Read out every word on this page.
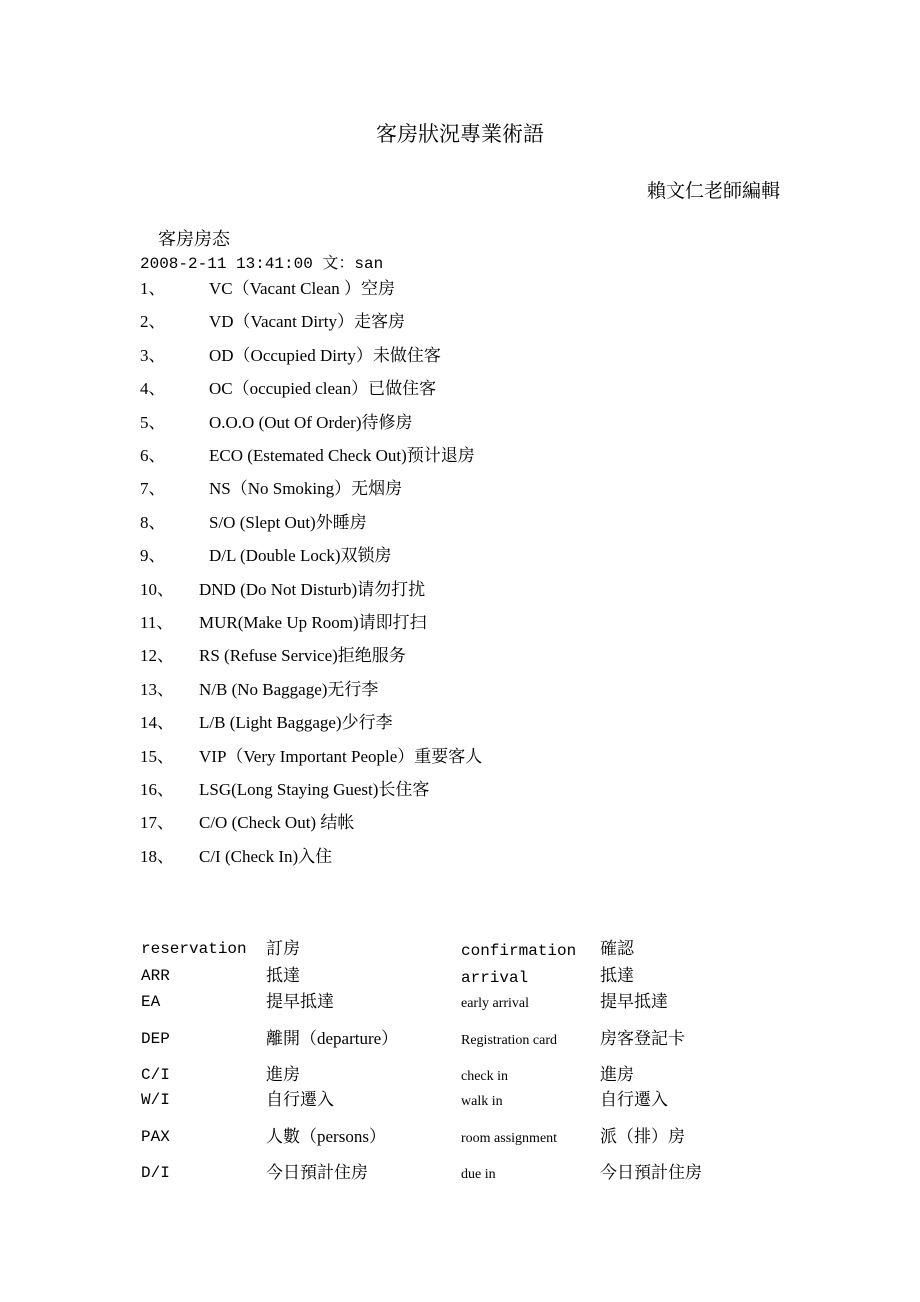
客房狀況專業術語
賴文仁老師編輯
客房房态
2008-2-11 13:41:00 文：san
1、	VC（Vacant Clean ）空房
2、	VD（Vacant Dirty）走客房
3、	OD（Occupied Dirty）未做住客
4、	OC（occupied clean）已做住客
5、	O.O.O (Out Of Order)待修房
6、	ECO (Estemated Check Out)预计退房
7、	NS（No Smoking）无烟房
8、	S/O (Slept Out)外睡房
9、	D/L (Double Lock)双锁房
10、 DND (Do Not Disturb)请勿打扰
11、 MUR(Make Up Room)请即打扫
12、 RS (Refuse Service)拒绝服务
13、 N/B (No Baggage)无行李
14、 L/B (Light Baggage)少行李
15、 VIP（Very Important People）重要客人
16、 LSG(Long Staying Guest)长住客
17、 C/O (Check Out) 结帐
18、 C/I (Check In)入住
reservation 訂房	confirmation 確認
ARR	抵達	arrival	抵達
EA	提早抵達	early arrival	提早抵達
DEP	離開（departure）	Registration card	房客登記卡
C/I	進房	check in	進房
W/I	自行遷入	walk in	自行遷入
PAX	人數（persons）	room assignment	派（排）房
D/I	今日預計住房	due in	今日預計住房
